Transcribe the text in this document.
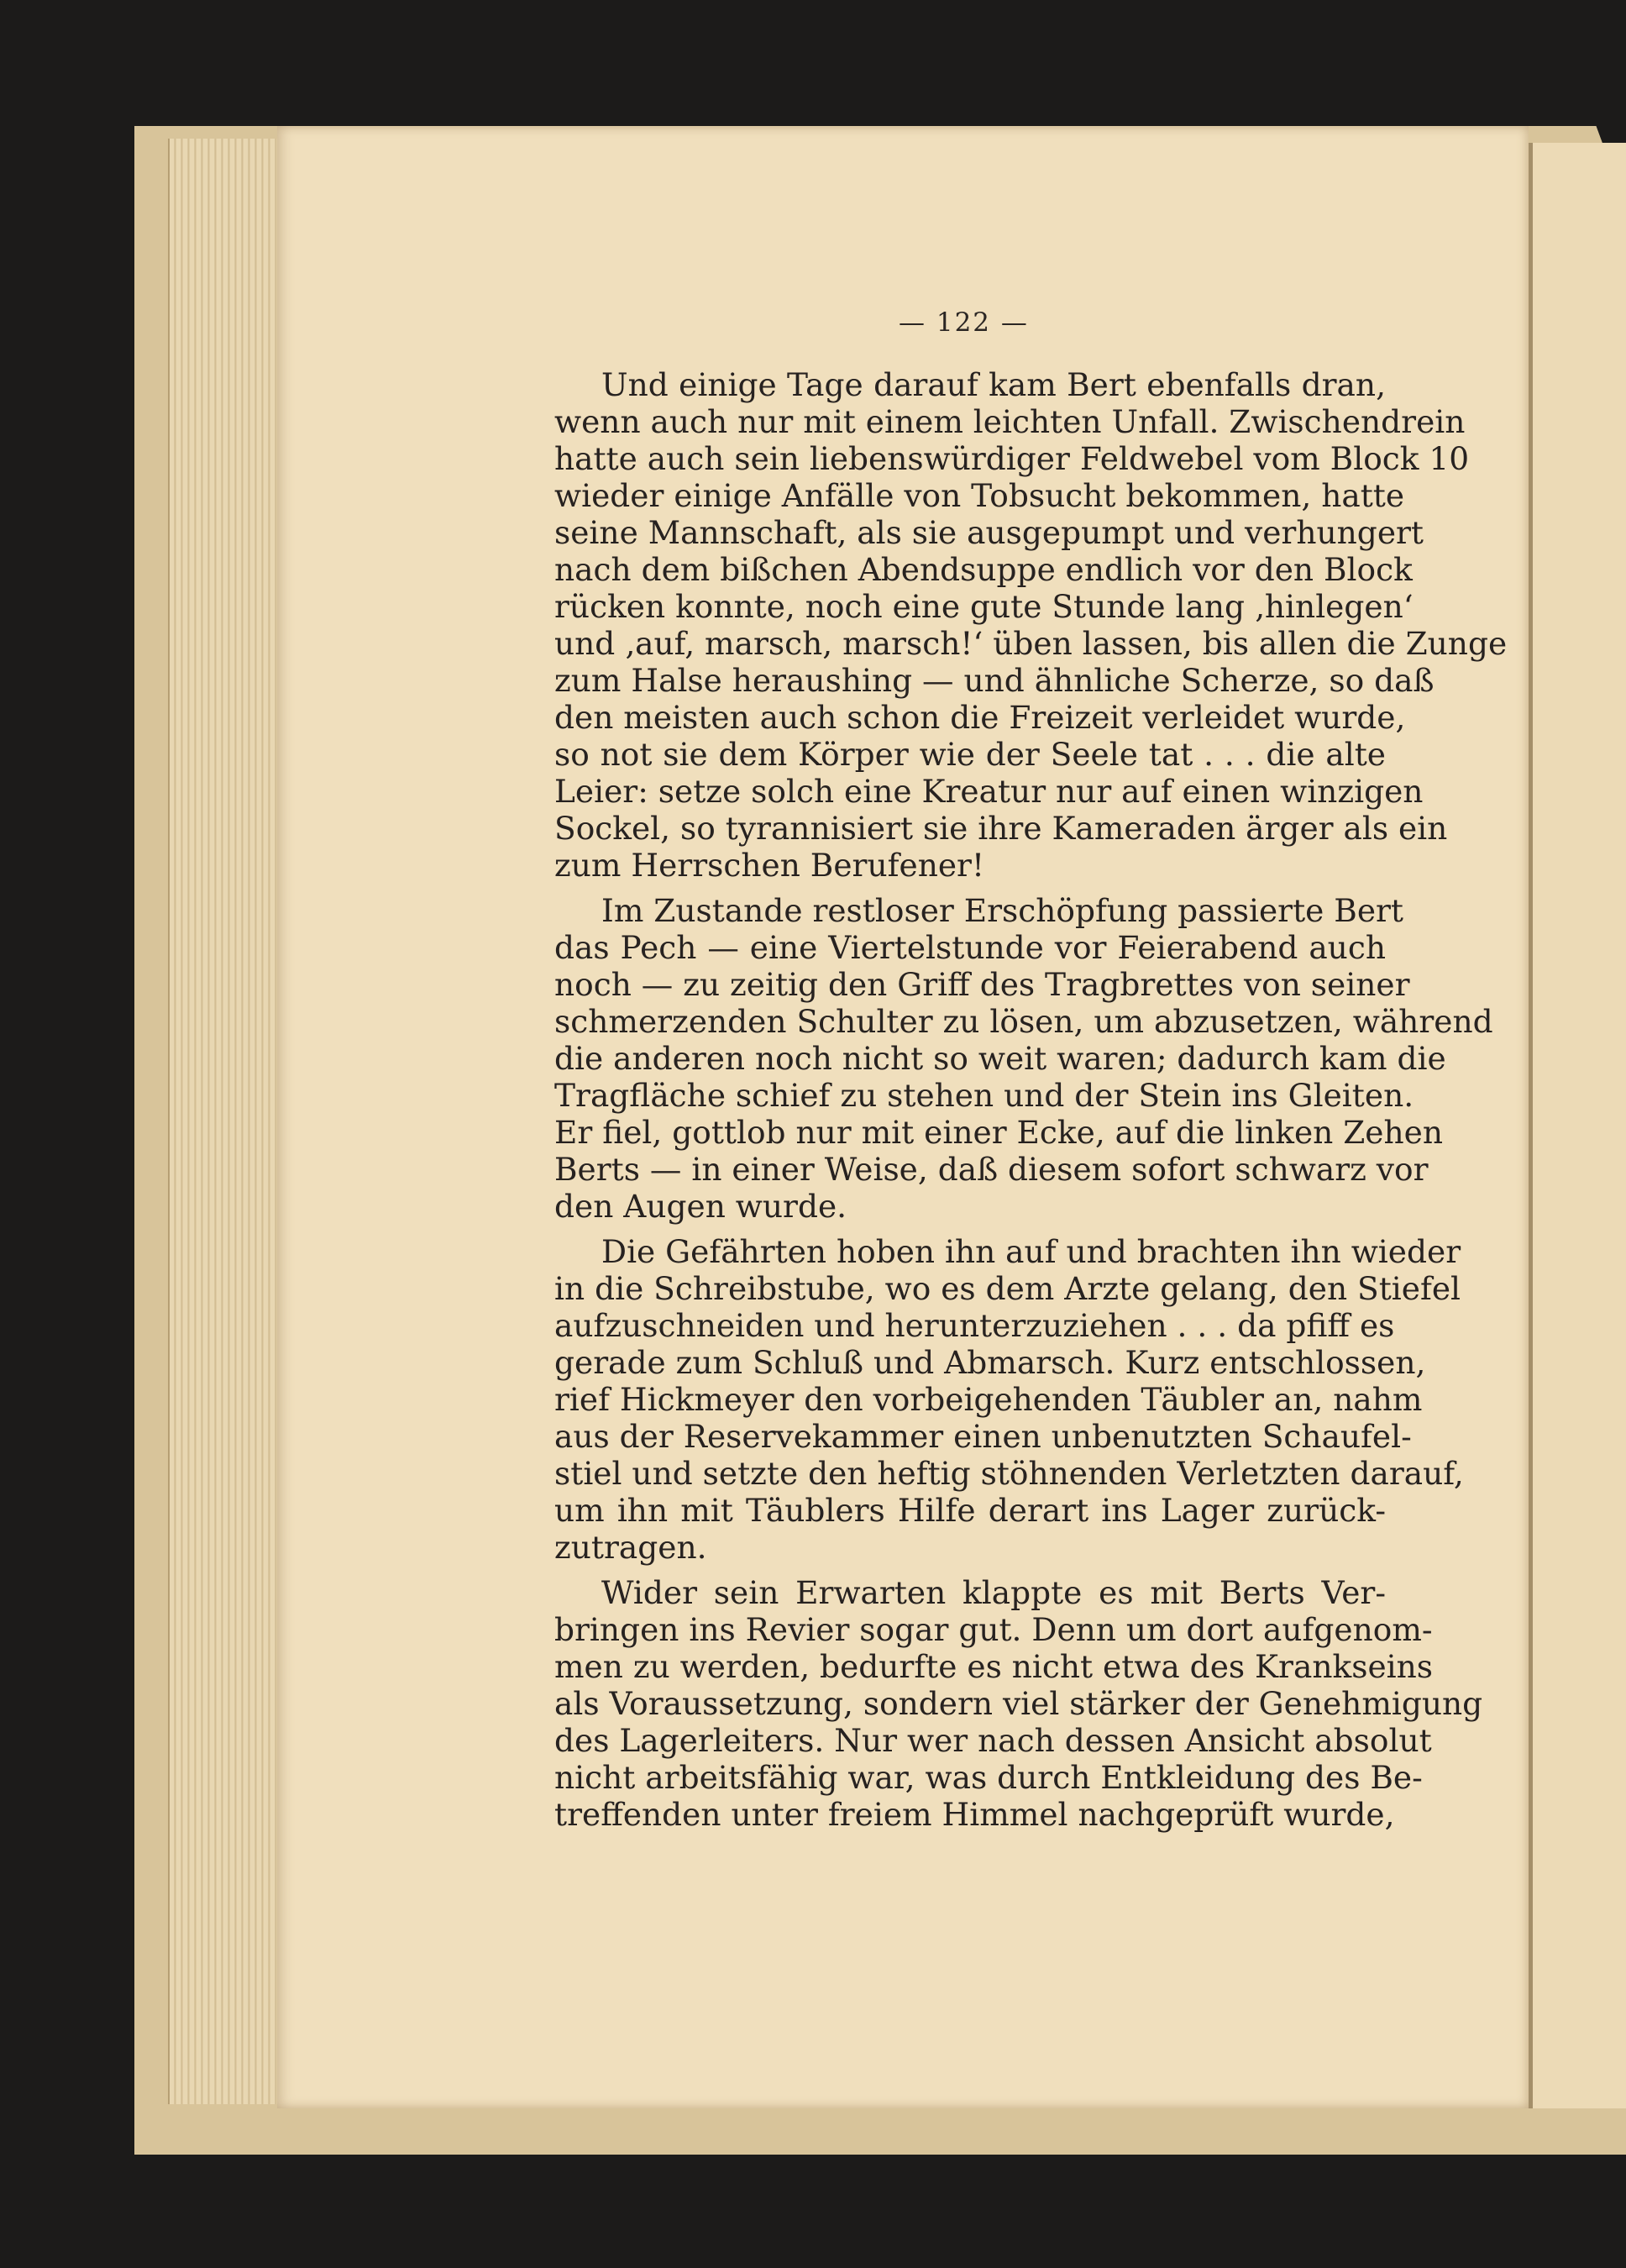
— 122 —

Und einige Tage darauf kam Bert ebenfalls dran,
wenn auch nur mit einem leichten Unfall. Zwischendrein
hatte auch sein liebenswürdiger Feldwebel vom Block 10
wieder einige Anfälle von Tobsucht bekommen, hatte
seine Mannschaft, als sie ausgepumpt und verhungert
nach dem bißchen Abendsuppe endlich vor den Block
rücken konnte, noch eine gute Stunde lang ‚hinlegen‘
und ‚auf, marsch, marsch!‘ üben lassen, bis allen die Zunge
zum Halse heraushing — und ähnliche Scherze, so daß
den meisten auch schon die Freizeit verleidet wurde,
so not sie dem Körper wie der Seele tat . . . die alte
Leier: setze solch eine Kreatur nur auf einen winzigen
Sockel, so tyrannisiert sie ihre Kameraden ärger als ein
zum Herrschen Berufener!

Im Zustande restloser Erschöpfung passierte Bert
das Pech — eine Viertelstunde vor Feierabend auch
noch — zu zeitig den Griff des Tragbrettes von seiner
schmerzenden Schulter zu lösen, um abzusetzen, während
die anderen noch nicht so weit waren; dadurch kam die
Tragfläche schief zu stehen und der Stein ins Gleiten.
Er fiel, gottlob nur mit einer Ecke, auf die linken Zehen
Berts — in einer Weise, daß diesem sofort schwarz vor
den Augen wurde.

Die Gefährten hoben ihn auf und brachten ihn wieder
in die Schreibstube, wo es dem Arzte gelang, den Stiefel
aufzuschneiden und herunterzuziehen . . . da pfiff es
gerade zum Schluß und Abmarsch. Kurz entschlossen,
rief Hickmeyer den vorbeigehenden Täubler an, nahm
aus der Reservekammer einen unbenutzten Schaufel-
stiel und setzte den heftig stöhnenden Verletzten darauf,
um ihn mit Täublers Hilfe derart ins Lager zurück-
zutragen.

Wider sein Erwarten klappte es mit Berts Ver-
bringen ins Revier sogar gut. Denn um dort aufgenom-
men zu werden, bedurfte es nicht etwa des Krankseins
als Voraussetzung, sondern viel stärker der Genehmigung
des Lagerleiters. Nur wer nach dessen Ansicht absolut
nicht arbeitsfähig war, was durch Entkleidung des Be-
treffenden unter freiem Himmel nachgeprüft wurde,
